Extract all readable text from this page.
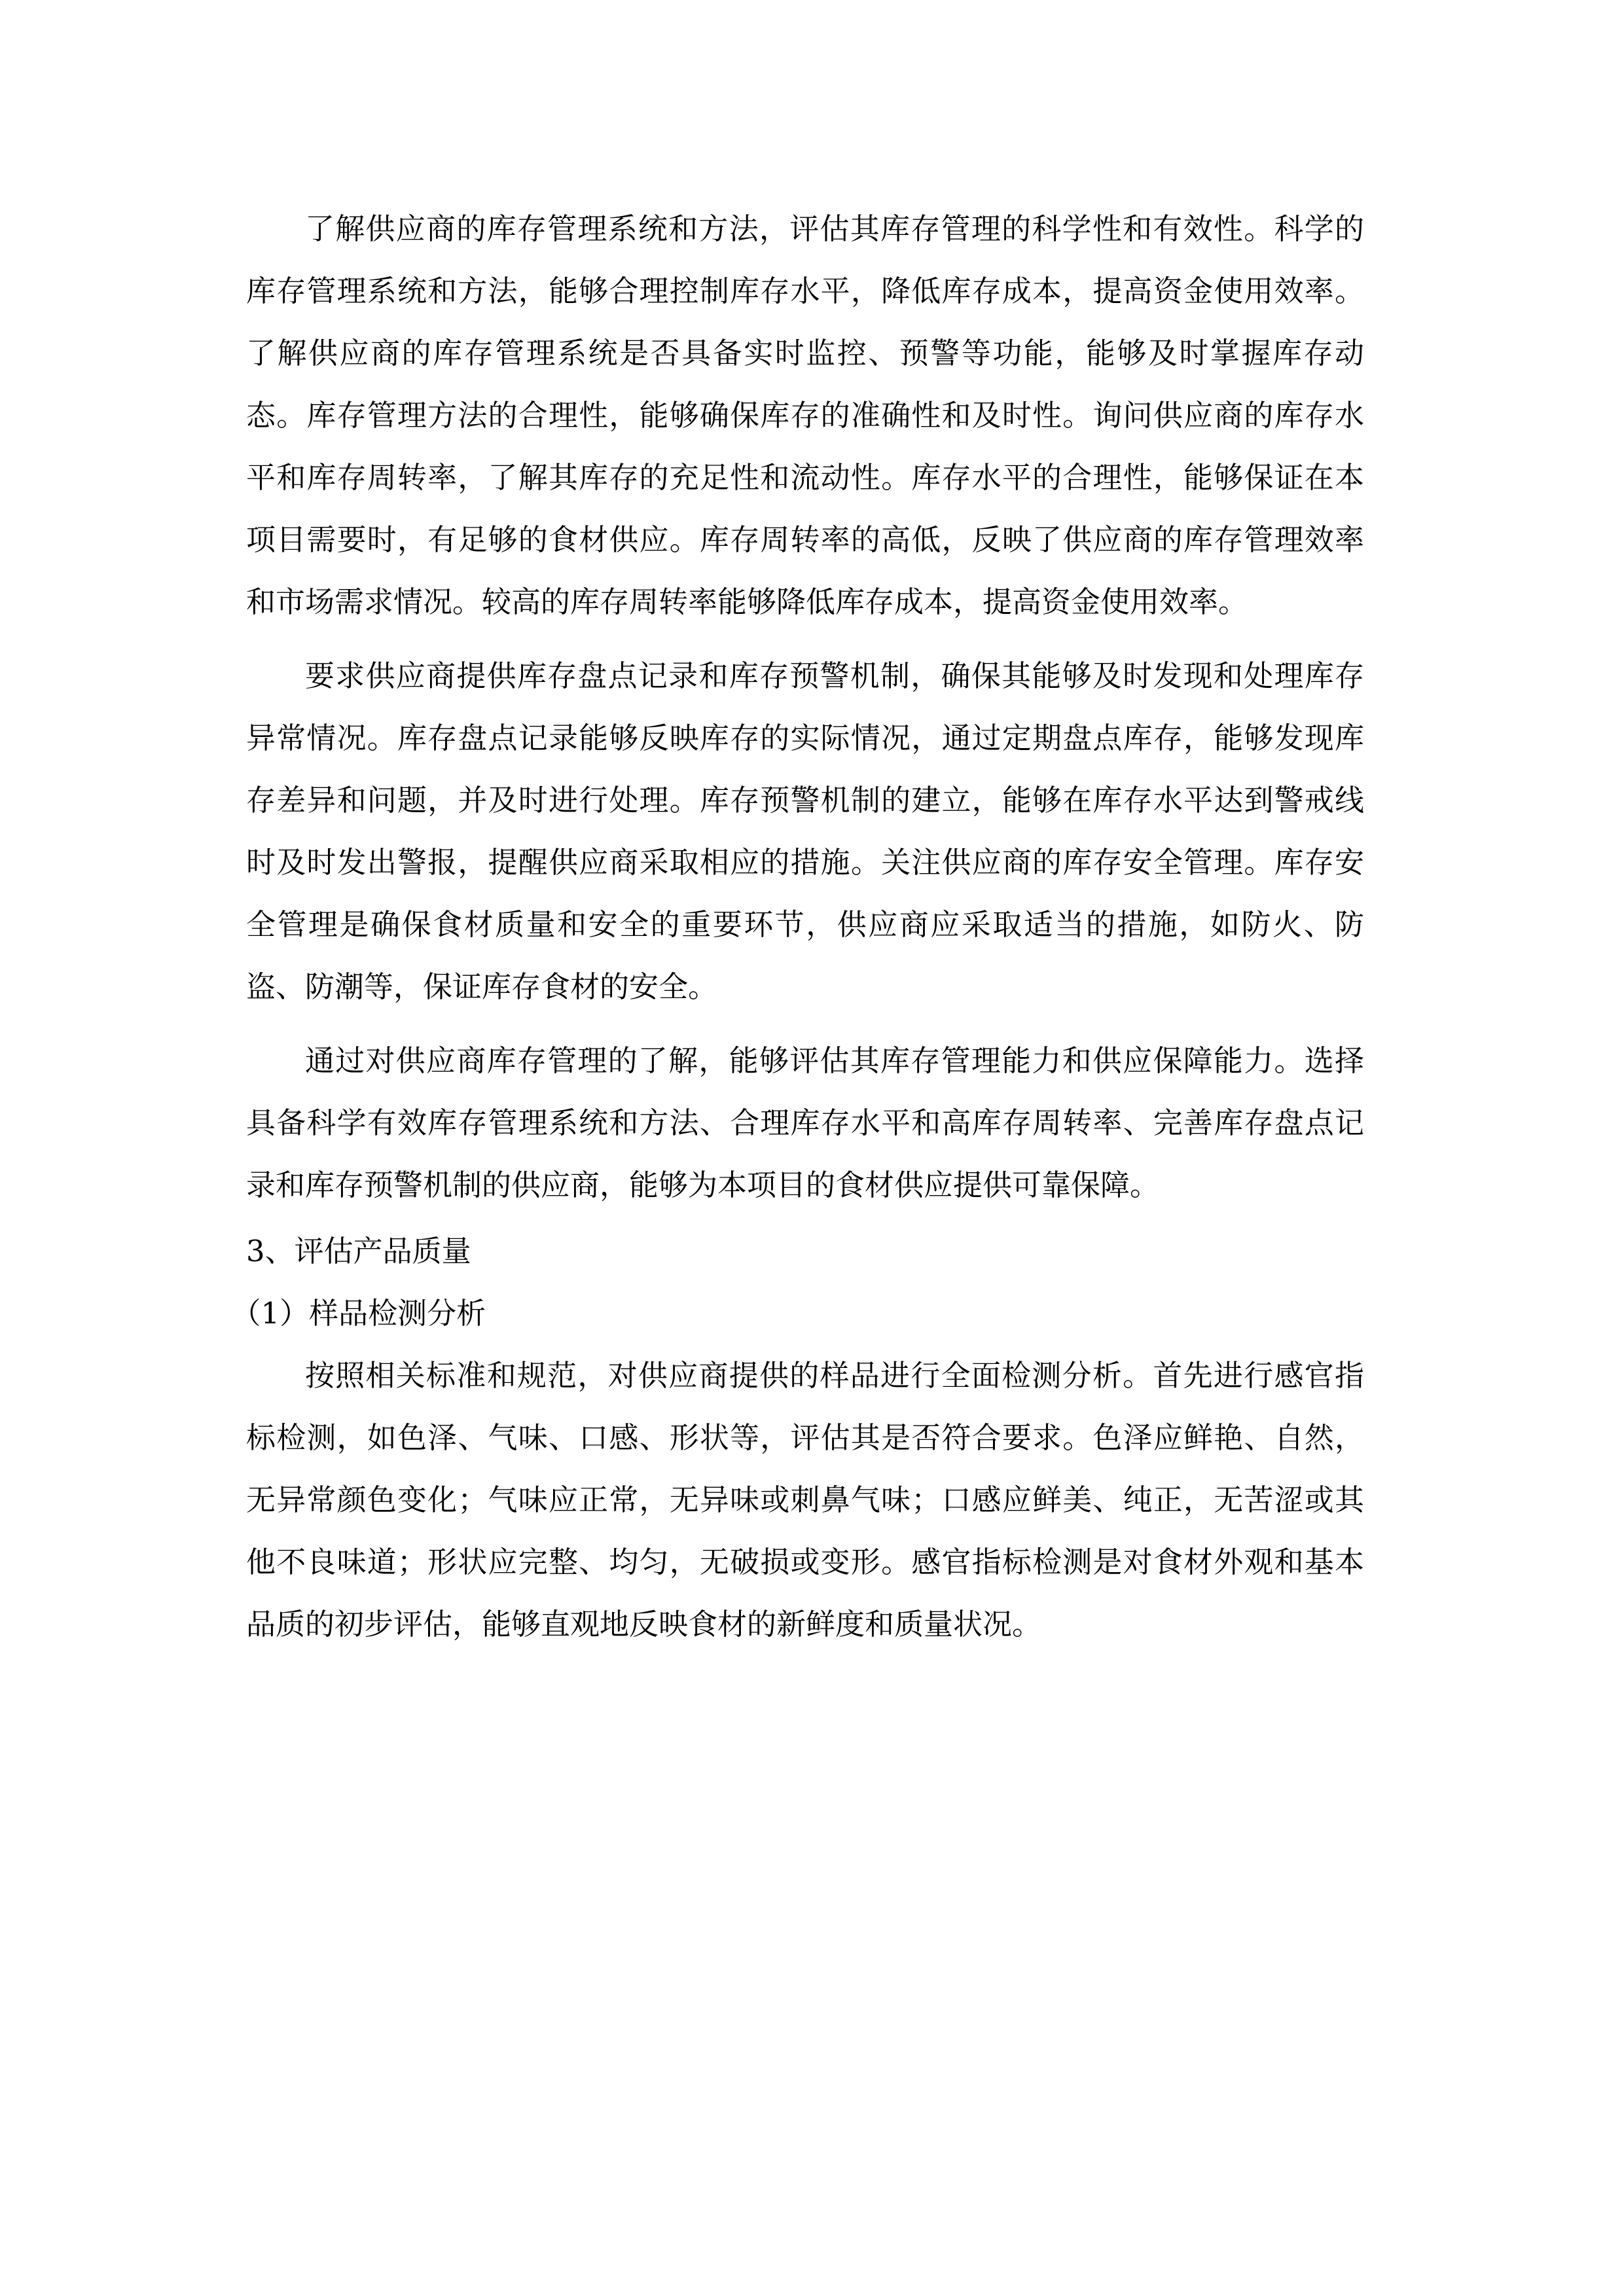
了解供应商的库存管理系统和方法，评估其库存管理的科学性和有效性。科学的库存管理系统和方法，能够合理控制库存水平，降低库存成本，提高资金使用效率。了解供应商的库存管理系统是否具备实时监控、预警等功能，能够及时掌握库存动态。库存管理方法的合理性，能够确保库存的准确性和及时性。询问供应商的库存水平和库存周转率，了解其库存的充足性和流动性。库存水平的合理性，能够保证在本项目需要时，有足够的食材供应。库存周转率的高低，反映了供应商的库存管理效率和市场需求情况。较高的库存周转率能够降低库存成本，提高资金使用效率。

要求供应商提供库存盘点记录和库存预警机制，确保其能够及时发现和处理库存异常情况。库存盘点记录能够反映库存的实际情况，通过定期盘点库存，能够发现库存差异和问题，并及时进行处理。库存预警机制的建立，能够在库存水平达到警戒线时及时发出警报，提醒供应商采取相应的措施。关注供应商的库存安全管理。库存安全管理是确保食材质量和安全的重要环节，供应商应采取适当的措施，如防火、防盗、防潮等，保证库存食材的安全。

通过对供应商库存管理的了解，能够评估其库存管理能力和供应保障能力。选择具备科学有效库存管理系统和方法、合理库存水平和高库存周转率、完善库存盘点记录和库存预警机制的供应商，能够为本项目的食材供应提供可靠保障。

3、评估产品质量

（1）样品检测分析

按照相关标准和规范，对供应商提供的样品进行全面检测分析。首先进行感官指标检测，如色泽、气味、口感、形状等，评估其是否符合要求。色泽应鲜艳、自然，无异常颜色变化；气味应正常，无异味或刺鼻气味；口感应鲜美、纯正，无苦涩或其他不良味道；形状应完整、均匀，无破损或变形。感官指标检测是对食材外观和基本品质的初步评估，能够直观地反映食材的新鲜度和质量状况。
